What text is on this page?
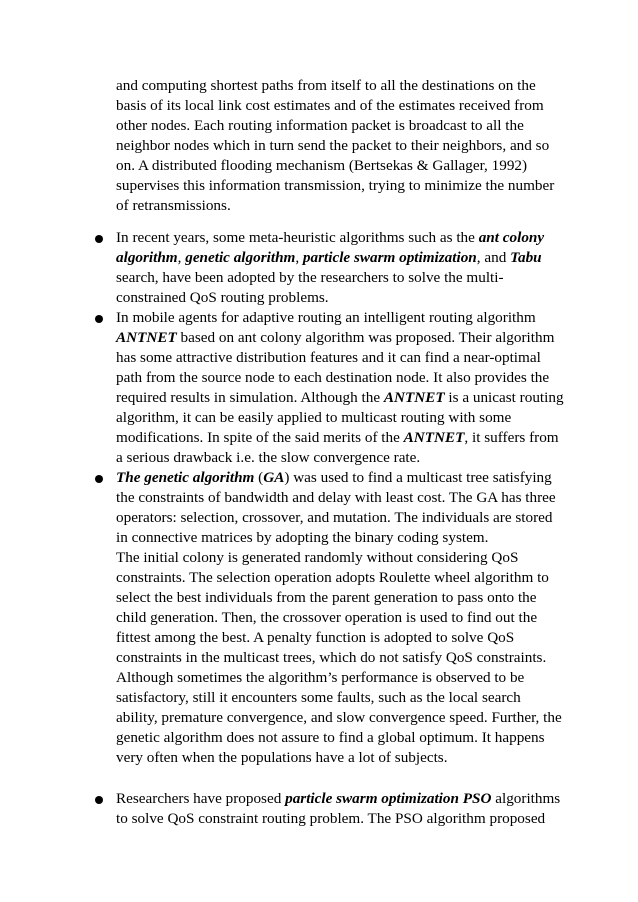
and computing shortest paths from itself to all the destinations on the
basis of its local link cost estimates and of the estimates received from
other nodes. Each routing information packet is broadcast to all the
neighbor nodes which in turn send the packet to their neighbors, and so
on. A distributed flooding mechanism (Bertsekas & Gallager, 1992)
supervises this information transmission, trying to minimize the number
of retransmissions.
In recent years, some meta-heuristic algorithms such as the ant colony
algorithm, genetic algorithm, particle swarm optimization, and Tabu
search, have been adopted by the researchers to solve the multi-
constrained QoS routing problems.
In mobile agents for adaptive routing an intelligent routing algorithm
ANTNET based on ant colony algorithm was proposed. Their algorithm
has some attractive distribution features and it can find a near-optimal
path from the source node to each destination node. It also provides the
required results in simulation. Although the ANTNET is a unicast routing
algorithm, it can be easily applied to multicast routing with some
modifications. In spite of the said merits of the ANTNET, it suffers from
a serious drawback i.e. the slow convergence rate.
The genetic algorithm (GA) was used to find a multicast tree satisfying
the constraints of bandwidth and delay with least cost. The GA has three
operators: selection, crossover, and mutation. The individuals are stored
in connective matrices by adopting the binary coding system.
The initial colony is generated randomly without considering QoS
constraints. The selection operation adopts Roulette wheel algorithm to
select the best individuals from the parent generation to pass onto the
child generation. Then, the crossover operation is used to find out the
fittest among the best. A penalty function is adopted to solve QoS
constraints in the multicast trees, which do not satisfy QoS constraints.
Although sometimes the algorithm’s performance is observed to be
satisfactory, still it encounters some faults, such as the local search
ability, premature convergence, and slow convergence speed. Further, the
genetic algorithm does not assure to find a global optimum. It happens
very often when the populations have a lot of subjects.
Researchers have proposed particle swarm optimization PSO algorithms
to solve QoS constraint routing problem. The PSO algorithm proposed
